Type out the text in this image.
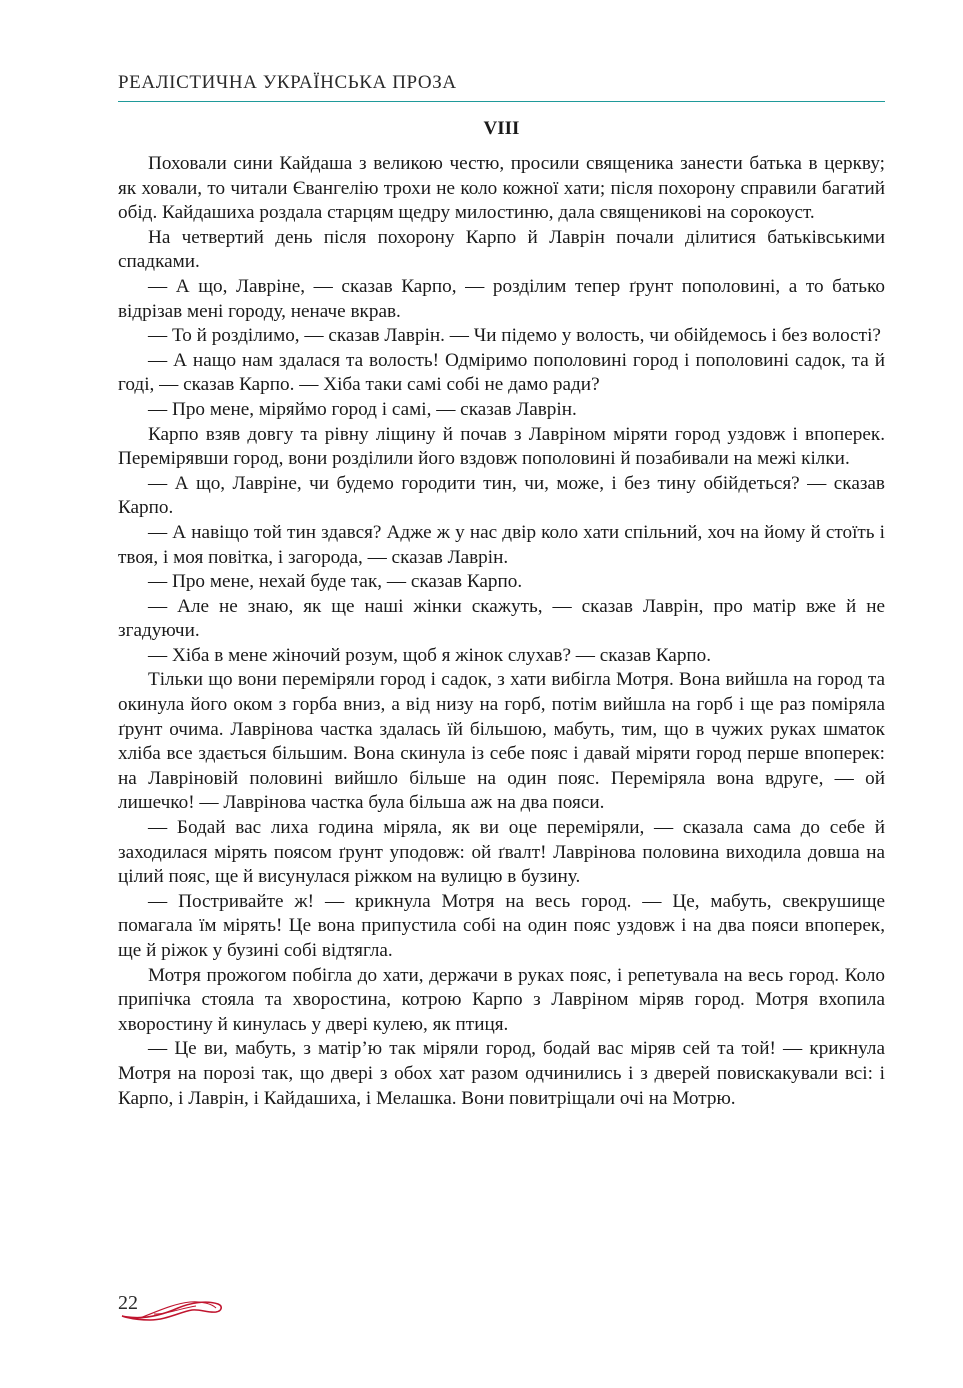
РЕАЛІСТИЧНА УКРАЇНСЬКА ПРОЗА
VIII

Поховали сини Кайдаша з великою честю, просили священика занести батька в церкву; як ховали, то читали Євангелію трохи не коло кожної хати; після похорону справили багатий обід. Кайдашиха роздала старцям щедру милостиню, дала священикові на сорокоуст.

На четвертий день після похорону Карпо й Лаврін почали ділитися батьківськими спадками.

— А що, Лавріне, — сказав Карпо, — розділим тепер ґрунт пополовині, а то батько відрізав мені городу, неначе вкрав.

— То й розділимо, — сказав Лаврін. — Чи підемо у волость, чи обійдемось і без волості?

— А нащо нам здалася та волость! Одміримо пополовині город і пополовині садок, та й годі, — сказав Карпо. — Хіба таки самі собі не дамо ради?

— Про мене, міряймо город і самі, — сказав Лаврін.

Карпо взяв довгу та рівну ліщину й почав з Лавріном міряти город уздовж і впоперек. Перемірявши город, вони розділили його вздовж пополовині й позабивали на межі кілки.

— А що, Лавріне, чи будемо городити тин, чи, може, і без тину обійдеться? — сказав Карпо.

— А навіщо той тин здався? Адже ж у нас двір коло хати спільний, хоч на йому й стоїть і твоя, і моя повітка, і загорода, — сказав Лаврін.

— Про мене, нехай буде так, — сказав Карпо.

— Але не знаю, як ще наші жінки скажуть, — сказав Лаврін, про матір вже й не згадуючи.

— Хіба в мене жіночий розум, щоб я жінок слухав? — сказав Карпо.

Тільки що вони переміряли город і садок, з хати вибігла Мотря. Вона вийшла на город та окинула його оком з горба вниз, а від низу на горб, потім вийшла на горб і ще раз поміряла ґрунт очима. Лаврінова частка здалась їй більшою, мабуть, тим, що в чужих руках шматок хліба все здається більшим. Вона скинула із себе пояс і давай міряти город перше впоперек: на Лавріновій половині вийшло більше на один пояс. Переміряла вона вдруге, — ой лишечко! — Лаврінова частка була більша аж на два пояси.

— Бодай вас лиха година міряла, як ви оце переміряли, — сказала сама до себе й заходилася мірять поясом ґрунт уподовж: ой ґвалт! Лаврінова половина виходила довша на цілий пояс, ще й висунулася ріжком на вулицю в бузину.

— Постривайте ж! — крикнула Мотря на весь город. — Це, мабуть, свекрушище помагала їм мірять! Це вона припустила собі на один пояс уздовж і на два пояси впоперек, ще й ріжок у бузині собі відтягла.

Мотря прожогом побігла до хати, держачи в руках пояс, і репетувала на весь город. Коло припічка стояла та хворостина, котрою Карпо з Лавріном міряв город. Мотря вхопила хворостину й кинулась у двері кулею, як птиця.

— Це ви, мабуть, з матір’ю так міряли город, бодай вас міряв сей та той! — крикнула Мотря на порозі так, що двері з обох хат разом одчинились і з дверей повискакували всі: і Карпо, і Лаврін, і Кайдашиха, і Мелашка. Вони повитріщали очі на Мотрю.

22
